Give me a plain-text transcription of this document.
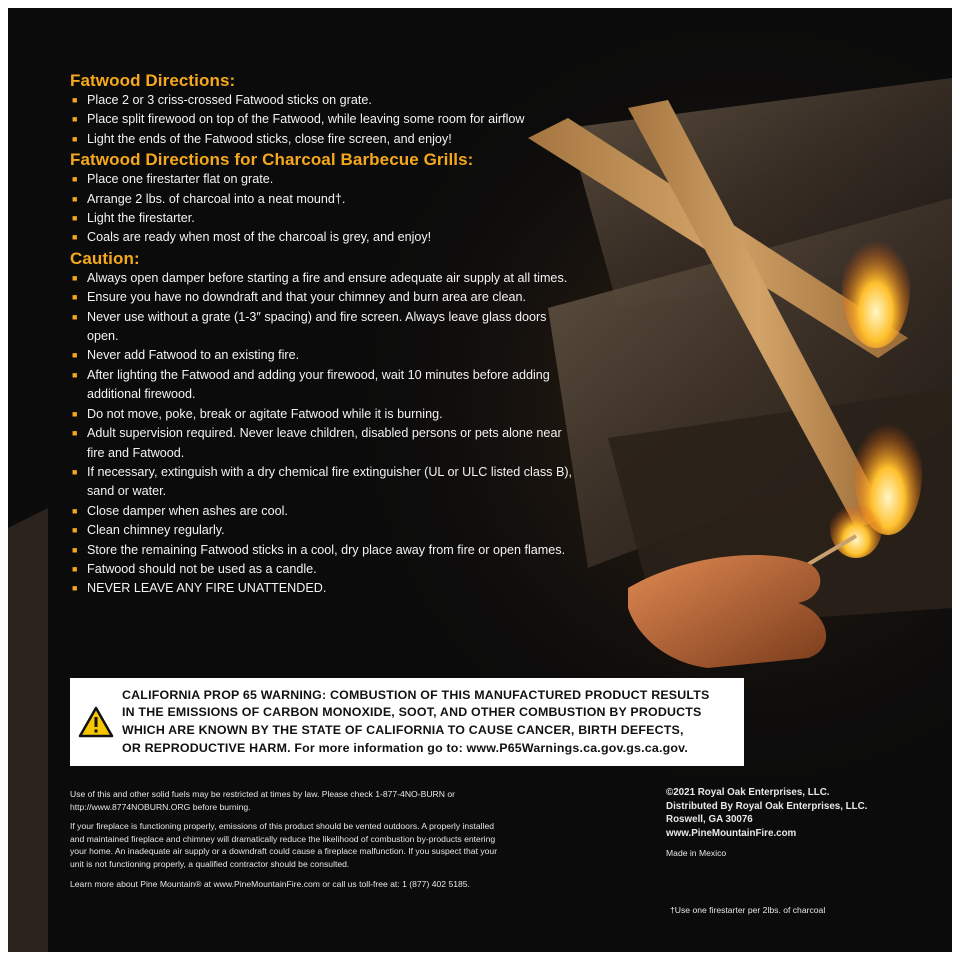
Fatwood Directions:
■ Place 2 or 3 criss-crossed Fatwood sticks on grate.
■ Place split firewood on top of the Fatwood, while leaving some room for airflow
■ Light the ends of the Fatwood sticks, close fire screen, and enjoy!
Fatwood Directions for Charcoal Barbecue Grills:
■ Place one firestarter flat on grate.
■ Arrange 2 lbs. of charcoal into a neat mound†.
■ Light the firestarter.
■ Coals are ready when most of the charcoal is grey, and enjoy!
Caution:
■ Always open damper before starting a fire and ensure adequate air supply at all times.
■ Ensure you have no downdraft and that your chimney and burn area are clean.
■ Never use without a grate (1-3″ spacing) and fire screen. Always leave glass doors open.
■ Never add Fatwood to an existing fire.
■ After lighting the Fatwood and adding your firewood, wait 10 minutes before adding additional firewood.
■ Do not move, poke, break or agitate Fatwood while it is burning.
■ Adult supervision required. Never leave children, disabled persons or pets alone near fire and Fatwood.
■ If necessary, extinguish with a dry chemical fire extinguisher (UL or ULC listed class B), sand or water.
■ Close damper when ashes are cool.
■ Clean chimney regularly.
■ Store the remaining Fatwood sticks in a cool, dry place away from fire or open flames.
■ Fatwood should not be used as a candle.
■ NEVER LEAVE ANY FIRE UNATTENDED.
CALIFORNIA PROP 65 WARNING: COMBUSTION OF THIS MANUFACTURED PRODUCT RESULTS
IN THE EMISSIONS OF CARBON MONOXIDE, SOOT, AND OTHER COMBUSTION BY PRODUCTS
WHICH ARE KNOWN BY THE STATE OF CALIFORNIA TO CAUSE CANCER, BIRTH DEFECTS,
OR REPRODUCTIVE HARM. For more information go to: www.P65Warnings.ca.gov.gs.ca.gov.

Use of this and other solid fuels may be restricted at times by law. Please check 1-877-4NO-BURN or
http://www.8774NOBURN.ORG before burning.

If your fireplace is functioning properly, emissions of this product should be vented outdoors. A properly installed
and maintained fireplace and chimney will dramatically reduce the likelihood of combustion by-products entering
your home. An inadequate air supply or a downdraft could cause a fireplace malfunction. If you suspect that your
unit is not functioning properly, a qualified contractor should be consulted.

Learn more about Pine Mountain® at www.PineMountainFire.com or call us toll-free at: 1 (877) 402 5185.

©2021 Royal Oak Enterprises, LLC.
Distributed By Royal Oak Enterprises, LLC.
Roswell, GA 30076
www.PineMountainFire.com
Made in Mexico
†Use one firestarter per 2lbs. of charcoal
